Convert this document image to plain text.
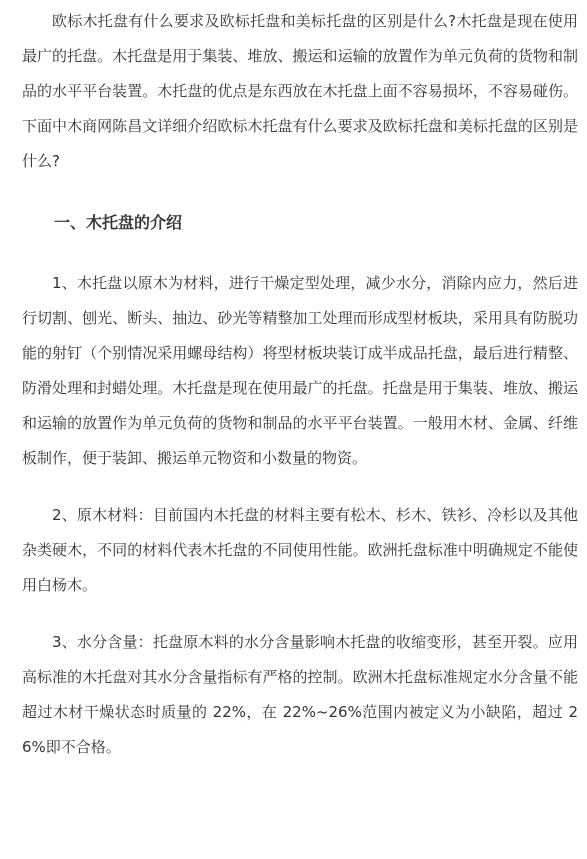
欧标木托盘有什么要求及欧标托盘和美标托盘的区别是什么?木托盘是现在使用最广的托盘。木托盘是用于集装、堆放、搬运和运输的放置作为单元负荷的货物和制品的水平平台装置。木托盘的优点是东西放在木托盘上面不容易损坏，不容易碰伤。下面中木商网陈昌文详细介绍欧标木托盘有什么要求及欧标托盘和美标托盘的区别是什么?

一、木托盘的介绍

1、木托盘以原木为材料，进行干燥定型处理，减少水分，消除内应力，然后进行切割、刨光、断头、抽边、砂光等精整加工处理而形成型材板块，采用具有防脱功能的射钉（个别情况采用螺母结构）将型材板块装订成半成品托盘，最后进行精整、防滑处理和封蜡处理。木托盘是现在使用最广的托盘。托盘是用于集装、堆放、搬运和运输的放置作为单元负荷的货物和制品的水平平台装置。一般用木材、金属、纤维板制作，便于装卸、搬运单元物资和小数量的物资。

2、原木材料：目前国内木托盘的材料主要有松木、杉木、铁衫、冷杉以及其他杂类硬木，不同的材料代表木托盘的不同使用性能。欧洲托盘标准中明确规定不能使用白杨木。

3、水分含量：托盘原木料的水分含量影响木托盘的收缩变形，甚至开裂。应用高标准的木托盘对其水分含量指标有严格的控制。欧洲木托盘标准规定水分含量不能超过木材干燥状态时质量的 22%，在 22%~26%范围内被定义为小缺陷，超过 26%即不合格。
